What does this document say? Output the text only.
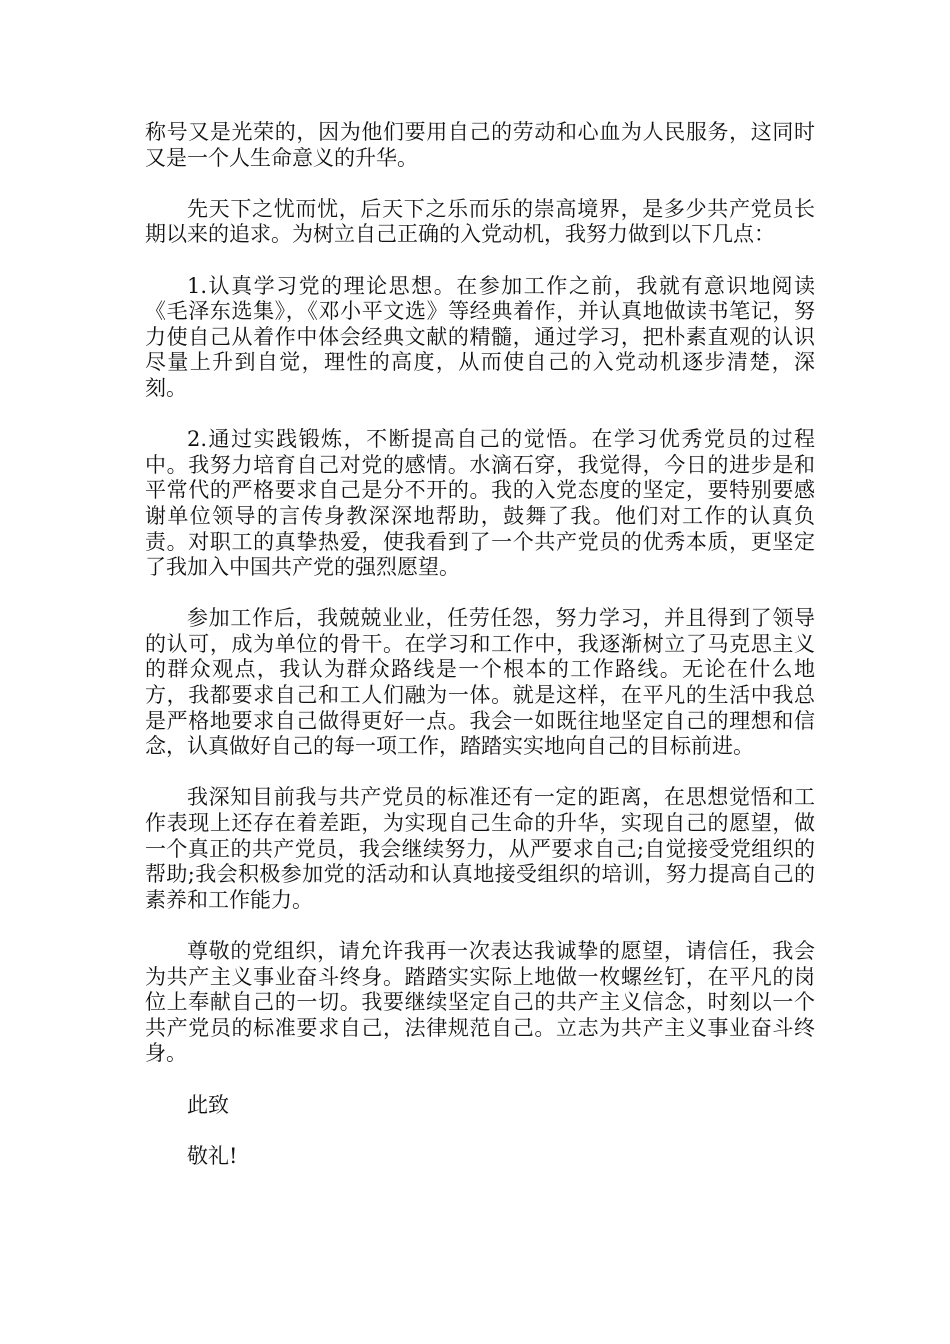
称号又是光荣的，因为他们要用自己的劳动和心血为人民服务，这同时又是一个人生命意义的升华。

先天下之忧而忧，后天下之乐而乐的崇高境界，是多少共产党员长期以来的追求。为树立自己正确的入党动机，我努力做到以下几点：

1.认真学习党的理论思想。在参加工作之前，我就有意识地阅读《毛泽东选集》，《邓小平文选》等经典着作，并认真地做读书笔记，努力使自己从着作中体会经典文献的精髓，通过学习，把朴素直观的认识尽量上升到自觉，理性的高度，从而使自己的入党动机逐步清楚，深刻。

2.通过实践锻炼，不断提高自己的觉悟。在学习优秀党员的过程中。我努力培育自己对党的感情。水滴石穿，我觉得，今日的进步是和平常代的严格要求自己是分不开的。我的入党态度的坚定，要特别要感谢单位领导的言传身教深深地帮助，鼓舞了我。他们对工作的认真负责。对职工的真挚热爱，使我看到了一个共产党员的优秀本质，更坚定了我加入中国共产党的强烈愿望。

参加工作后，我兢兢业业，任劳任怨，努力学习，并且得到了领导的认可，成为单位的骨干。在学习和工作中，我逐渐树立了马克思主义的群众观点，我认为群众路线是一个根本的工作路线。无论在什么地方，我都要求自己和工人们融为一体。就是这样，在平凡的生活中我总是严格地要求自己做得更好一点。我会一如既往地坚定自己的理想和信念，认真做好自己的每一项工作，踏踏实实地向自己的目标前进。

我深知目前我与共产党员的标准还有一定的距离，在思想觉悟和工作表现上还存在着差距，为实现自己生命的升华，实现自己的愿望，做一个真正的共产党员，我会继续努力，从严要求自己;自觉接受党组织的帮助;我会积极参加党的活动和认真地接受组织的培训，努力提高自己的素养和工作能力。

尊敬的党组织，请允许我再一次表达我诚挚的愿望，请信任，我会为共产主义事业奋斗终身。踏踏实实际上地做一枚螺丝钉，在平凡的岗位上奉献自己的一切。我要继续坚定自己的共产主义信念，时刻以一个共产党员的标准要求自己，法律规范自己。立志为共产主义事业奋斗终身。

此致

敬礼!
